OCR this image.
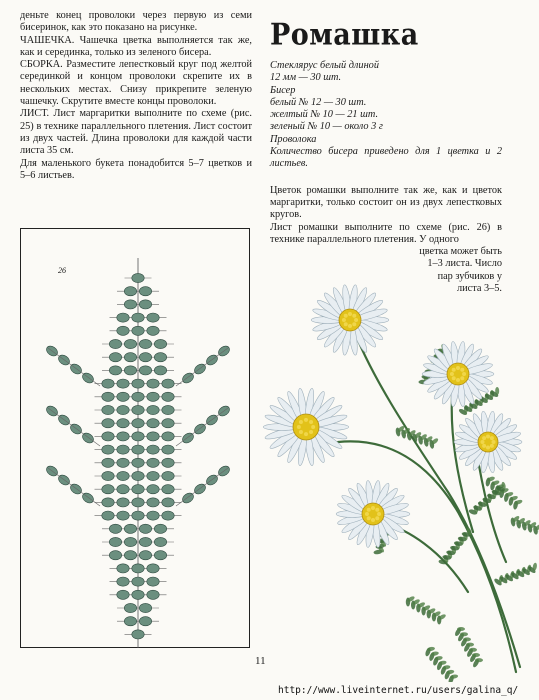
деньте конец проволоки через первую из семи бисеринок, как это показано на рисунке.

ЧАШЕЧКА. Чашечка цветка выполняется так же, как и серединка, только из зеленого бисера.

СБОРКА. Разместите лепестковый круг под желтой серединкой и концом проволоки скрепите их в нескольких местах. Снизу прикрепите зеленую чашечку. Скрутите вместе концы проволоки.

ЛИСТ. Лист маргаритки выполните по схеме (рис. 25) в технике параллельного плетения. Лист состоит из двух частей. Длина проволоки для каждой части листа 35 см.

Для маленького букета понадобится 5–7 цветков и 5–6 листьев.

Ромашка
Стеклярус белый длиной
12 мм — 30 шт.
Бисер
белый № 12 — 30 шт.
желтый № 10 — 21 шт.
зеленый № 10 — около 3 г
Проволока
Количество бисера приведено для 1 цветка и 2 листьев.

Цветок ромашки выполните так же, как и цветок маргаритки, только состоит он из двух лепестковых кругов.

Лист ромашки выполните по схеме (рис. 26) в технике параллельного плетения. У одного

цветка может быть

1–3 листа. Число

пар зубчиков у

листа 3–5.

26
11
http://www.liveinternet.ru/users/galina_q/
